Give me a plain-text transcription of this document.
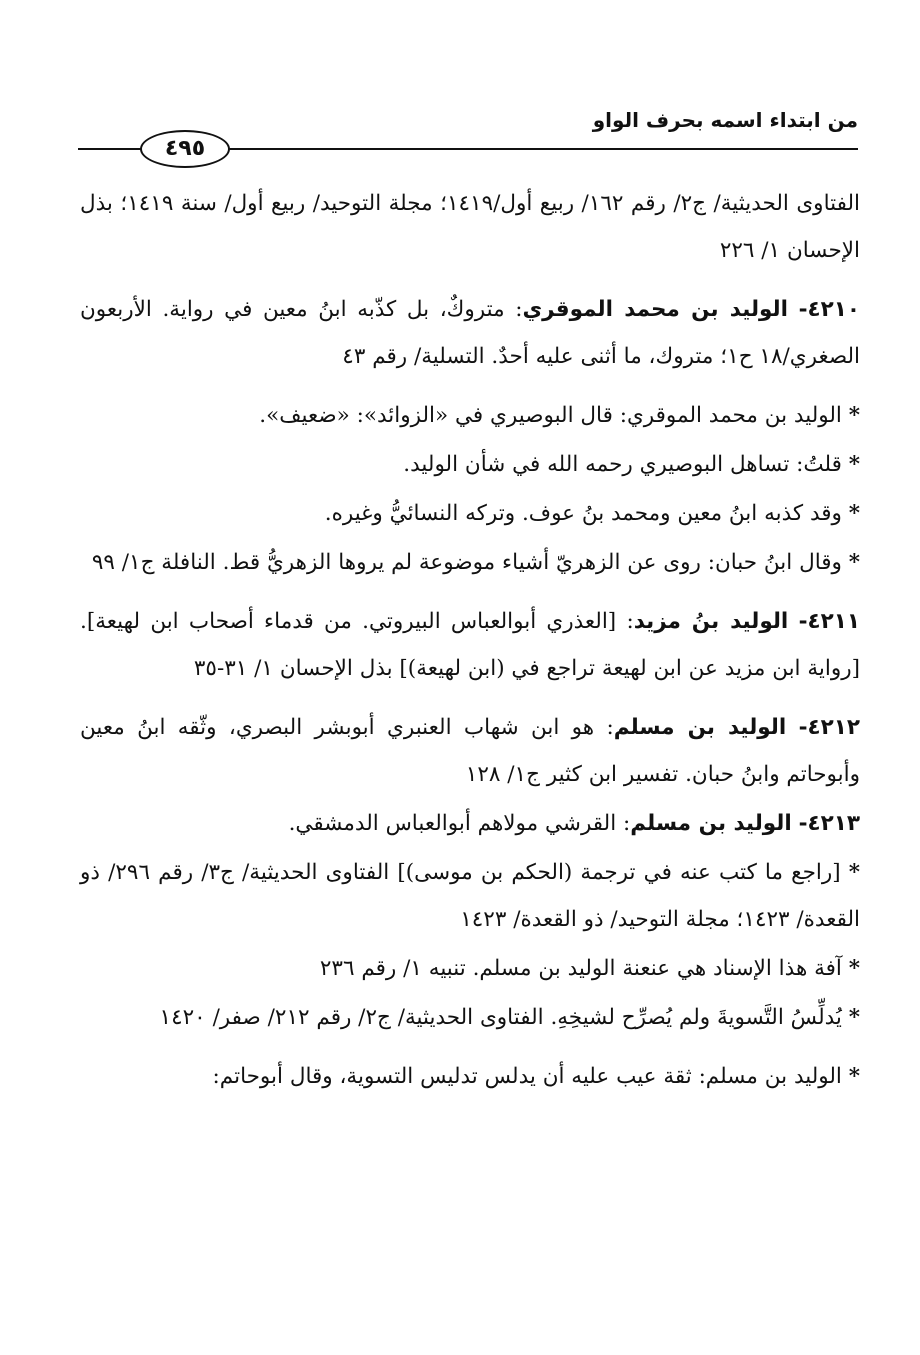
من ابتداء اسمه بحرف الواو
٤٩٥

الفتاوى الحديثية/ ج٢/ رقم ١٦٢/ ربيع أول/١٤١٩؛ مجلة التوحيد/ ربيع أول/ سنة ١٤١٩؛ بذل الإحسان ١/ ٢٢٦

٤٢١٠- الوليد بن محمد الموقري: متروكٌ، بل كذّبه ابنُ معين في رواية. الأربعون الصغري/١٨ ح١؛ متروك، ما أثنى عليه أحدٌ. التسلية/ رقم ٤٣

* الوليد بن محمد الموقري: قال البوصيري في «الزوائد»: «ضعيف».

* قلتُ: تساهل البوصيري رحمه الله في شأن الوليد.

* وقد كذبه ابنُ معين ومحمد بنُ عوف. وتركه النسائيُّ وغيره.

* وقال ابنُ حبان: روى عن الزهريّ أشياء موضوعة لم يروها الزهريُّ قط. النافلة ج١/ ٩٩

٤٢١١- الوليد بنُ مزيد: [العذري أبوالعباس البيروتي. من قدماء أصحاب ابن لهيعة]. [رواية ابن مزيد عن ابن لهيعة تراجع في (ابن لهيعة)] بذل الإحسان ١/ ٣١-٣٥

٤٢١٢- الوليد بن مسلم: هو ابن شهاب العنبري أبوبشر البصري، وثّقه ابنُ معين وأبوحاتم وابنُ حبان. تفسير ابن كثير ج١/ ١٢٨

٤٢١٣- الوليد بن مسلم: القرشي مولاهم أبوالعباس الدمشقي.

* [راجع ما كتب عنه في ترجمة (الحكم بن موسى)] الفتاوى الحديثية/ ج٣/ رقم ٢٩٦/ ذو القعدة/ ١٤٢٣؛ مجلة التوحيد/ ذو القعدة/ ١٤٢٣

* آفة هذا الإسناد هي عنعنة الوليد بن مسلم. تنبيه ١/ رقم ٢٣٦

* يُدلِّسُ التَّسويةَ ولم يُصرِّح لشيخِهِ. الفتاوى الحديثية/ ج٢/ رقم ٢١٢/ صفر/ ١٤٢٠

* الوليد بن مسلم: ثقة عيب عليه أن يدلس تدليس التسوية، وقال أبوحاتم:
